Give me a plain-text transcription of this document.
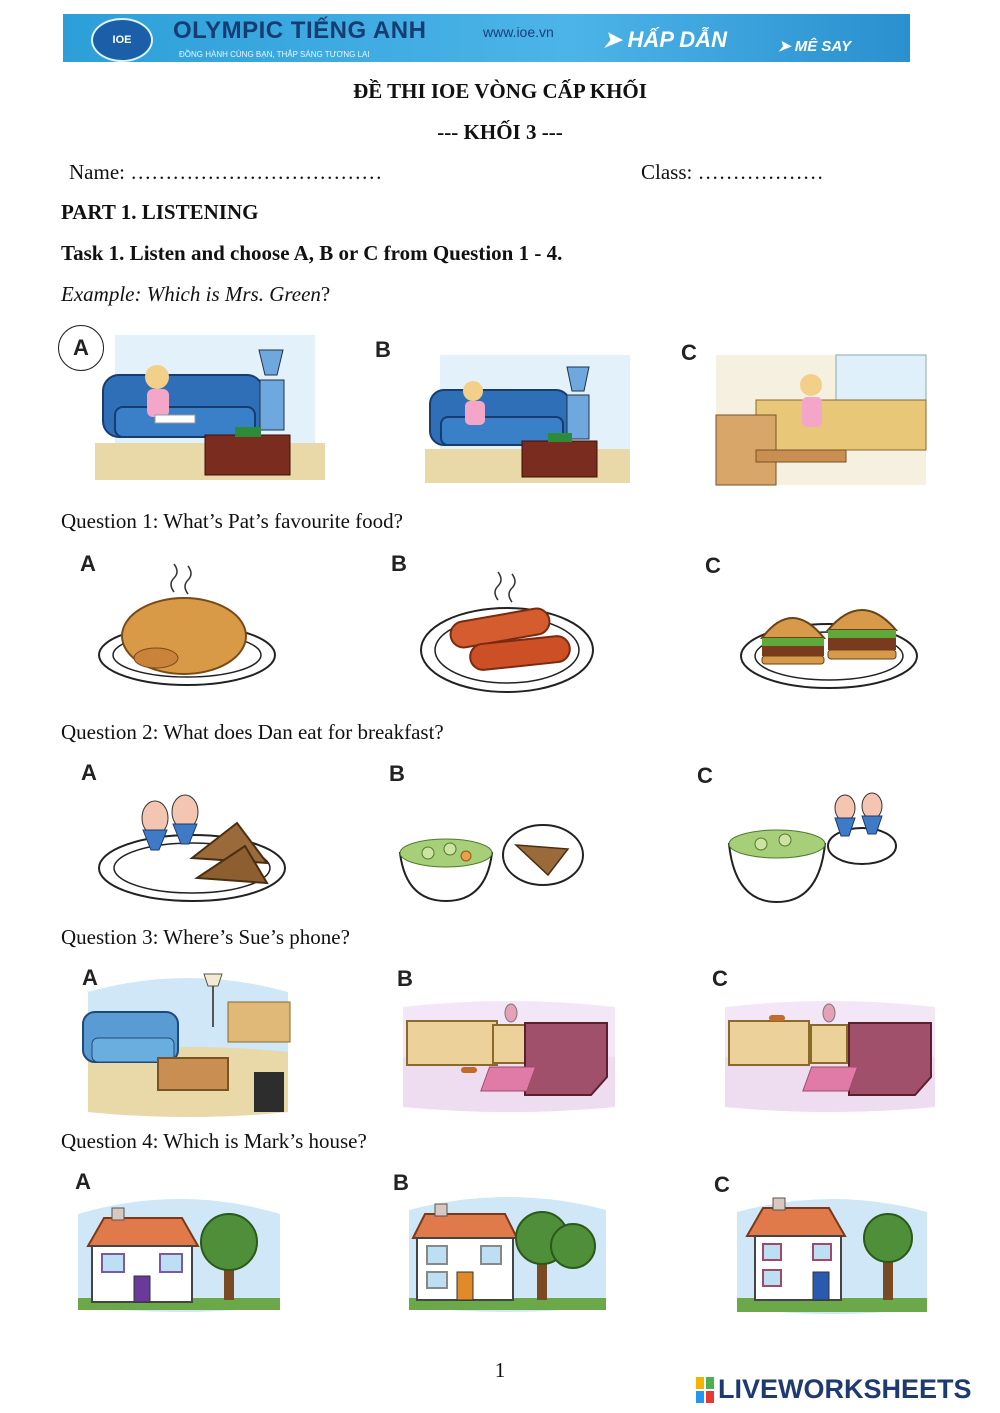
IOE	OLYMPIC TIẾNG ANH	www.ioe.vn
ĐỒNG HÀNH CÙNG BẠN, THẮP SÁNG TƯƠNG LAI
➤ HẤP DẪN	➤ MÊ SAY
ĐỀ THI IOE VÒNG CẤP KHỐI
--- KHỐI 3 ---
Name: ………………………………	Class: ………………
PART 1. LISTENING
Task 1. Listen and choose A, B or C from Question 1 - 4.
Example: Which is Mrs. Green?
A	B	C
Question 1: What’s Pat’s favourite food?
A	B	C
Question 2: What does Dan eat for breakfast?
A	B	C
Question 3: Where’s Sue’s phone?
A	B	C
Question 4: Which is Mark’s house?
A	B	C
1
LIVEWORKSHEETS
